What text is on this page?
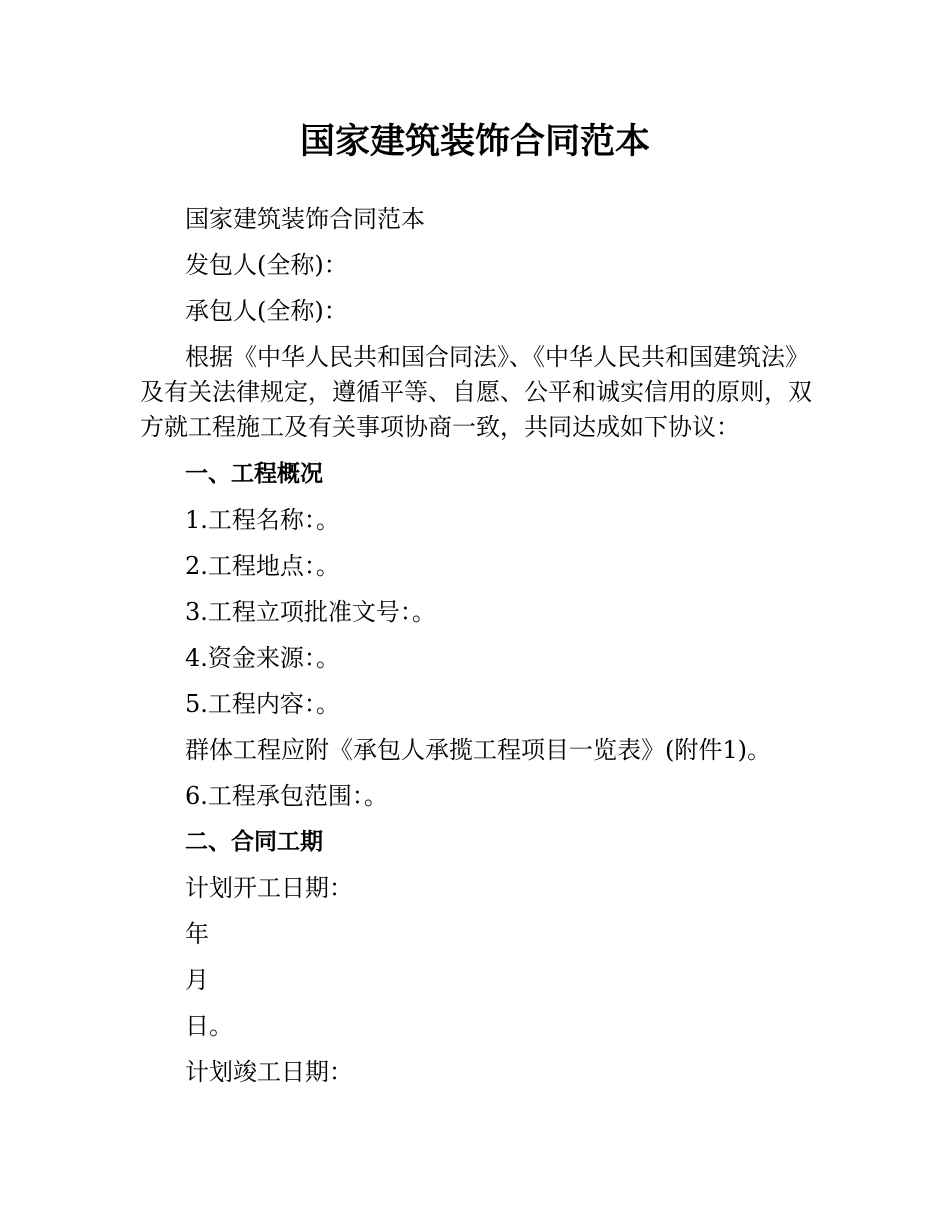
国家建筑装饰合同范本

国家建筑装饰合同范本

发包人(全称)：

承包人(全称)：

根据《中华人民共和国合同法》、《中华人民共和国建筑法》及有关法律规定，遵循平等、自愿、公平和诚实信用的原则，双方就工程施工及有关事项协商一致，共同达成如下协议：

一、工程概况

1.工程名称：。

2.工程地点：。

3.工程立项批准文号：。

4.资金来源：。

5.工程内容：。

群体工程应附《承包人承揽工程项目一览表》(附件1)。

6.工程承包范围：。

二、合同工期

计划开工日期：

年

月

日。

计划竣工日期：
